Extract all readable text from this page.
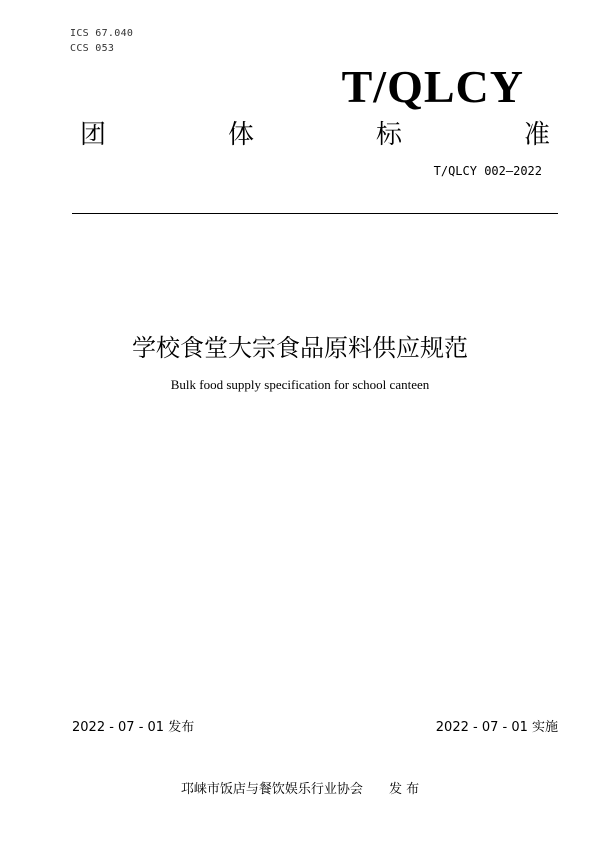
ICS 67.040
CCS 053
T/QLCY
团	体	标	准
T/QLCY 002—2022
学校食堂大宗食品原料供应规范
Bulk food supply specification for school canteen
2022 - 07 - 01 发布	2022 - 07 - 01 实施
邛崃市饭店与餐饮娱乐行业协会 发 布
